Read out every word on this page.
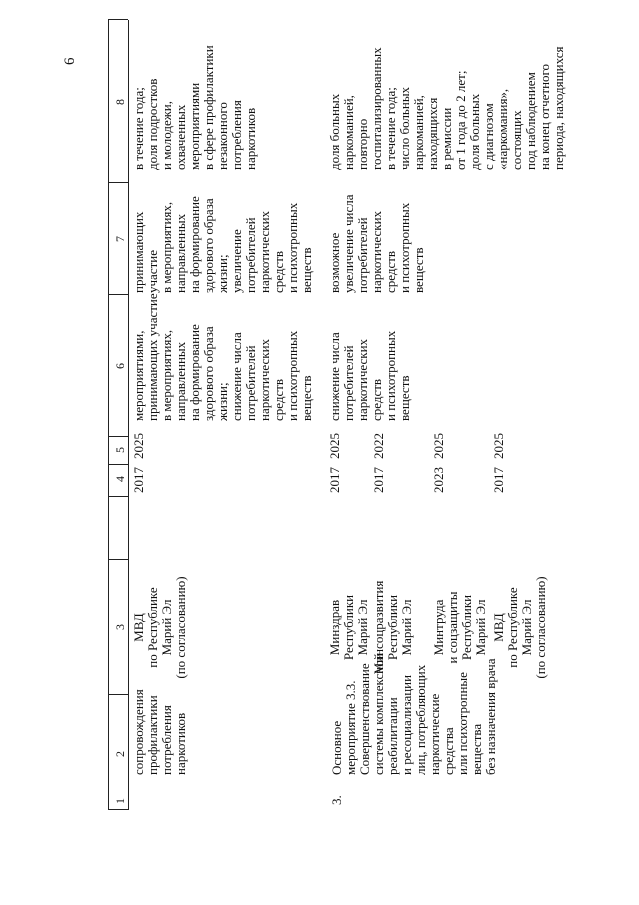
6
1
2
3
4
5
6
7
8
сопровождения профилактики потребления наркотиков
МВД по Республике Марий Эл (по согласованию)
2017
2025
мероприятиями, принимающих участие в мероприятиях, направленных на формирование здорового образа жизни; снижение числа потребителей наркотических средств и психотропных веществ
принимающих участие в мероприятиях, направленных на формирование здорового образа жизни; увеличение потребителей наркотических средств и психотропных веществ
в течение года; доля подростков и молодежи, охваченных мероприятиями в сфере профилактики незаконного потребления наркотиков
3.
Основное мероприятие 3.3. Совершенствование системы комплексной реабилитации и ресоциализации лиц, потребляющих наркотические средства или психотропные вещества без назначения врача
Минздрав Республики Марий Эл
2017
2025
Минсоцразвития Республики Марий Эл
2017
2022
Минтруда и соцзащиты Республики Марий Эл
2023
2025
МВД по Республике Марий Эл (по согласованию)
2017
2025
снижение числа потребителей наркотических средств и психотропных веществ
возможное увеличение числа потребителей наркотических средств и психотропных веществ
доля больных наркоманией, повторно госпитализированных в течение года; число больных наркоманией, находящихся в ремиссии от 1 года до 2 лет; доля больных с диагнозом «наркомания», состоящих под наблюдением на конец отчетного периода, находящихся
